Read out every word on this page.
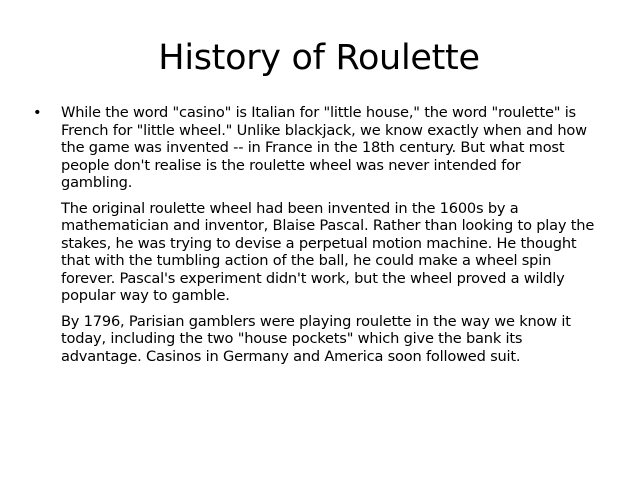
History of Roulette
• While the word "casino" is Italian for "little house," the word "roulette" is
French for "little wheel." Unlike blackjack, we know exactly when and how
the game was invented -- in France in the 18th century. But what most
people don't realise is the roulette wheel was never intended for
gambling.

The original roulette wheel had been invented in the 1600s by a
mathematician and inventor, Blaise Pascal. Rather than looking to play the
stakes, he was trying to devise a perpetual motion machine. He thought
that with the tumbling action of the ball, he could make a wheel spin
forever. Pascal's experiment didn't work, but the wheel proved a wildly
popular way to gamble.

By 1796, Parisian gamblers were playing roulette in the way we know it
today, including the two "house pockets" which give the bank its
advantage. Casinos in Germany and America soon followed suit.
